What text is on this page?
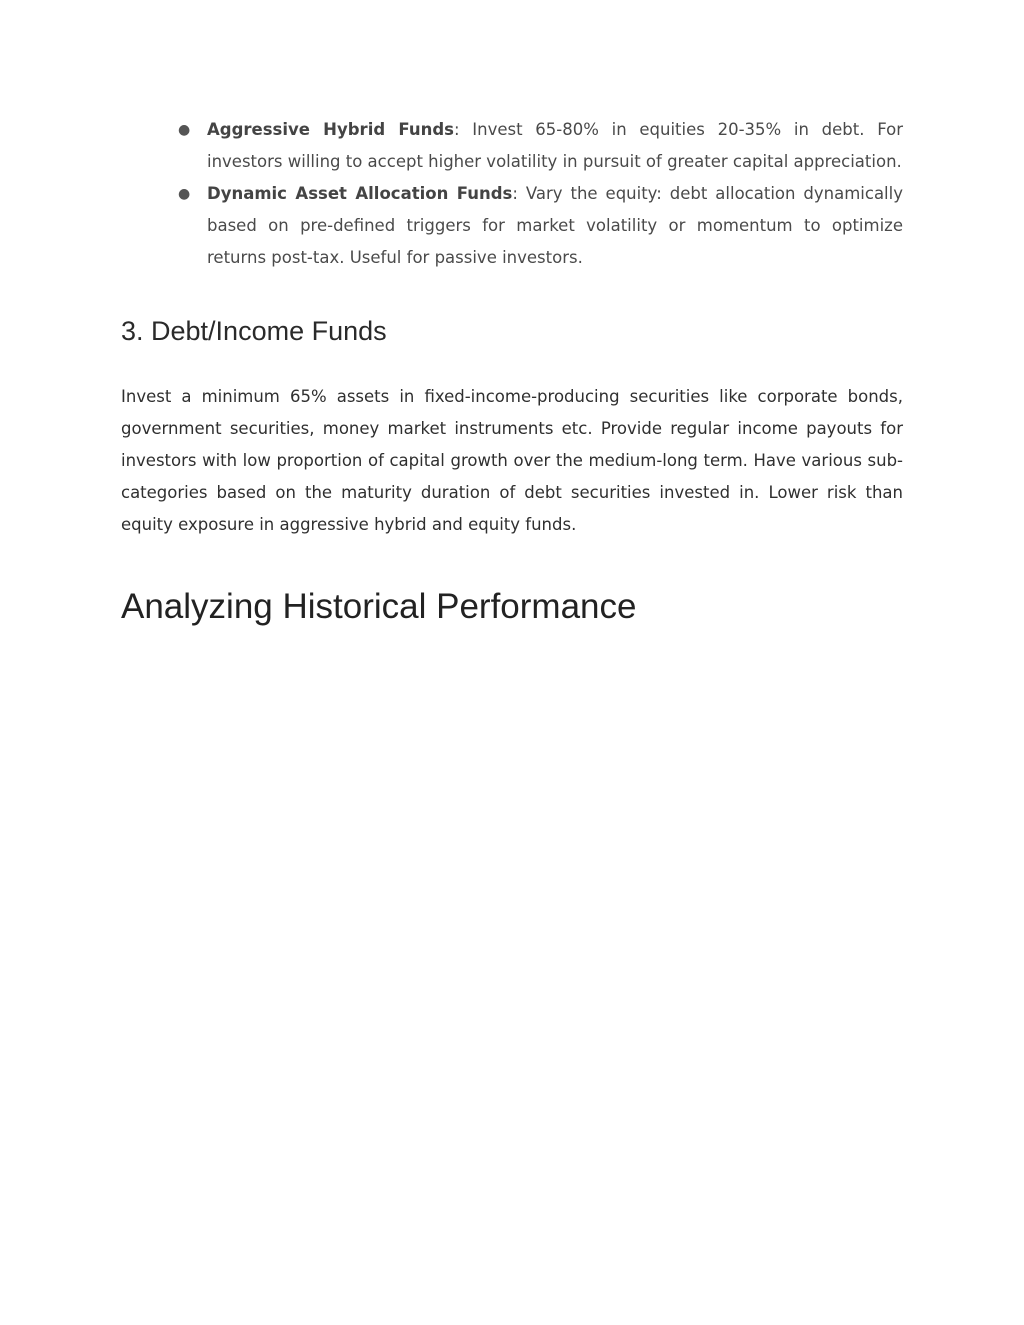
● Aggressive Hybrid Funds: Invest 65-80% in equities 20-35% in debt. For investors willing to accept higher volatility in pursuit of greater capital appreciation.
● Dynamic Asset Allocation Funds: Vary the equity: debt allocation dynamically based on pre-defined triggers for market volatility or momentum to optimize returns post-tax. Useful for passive investors.
3. Debt/Income Funds

Invest a minimum 65% assets in fixed-income-producing securities like corporate bonds, government securities, money market instruments etc. Provide regular income payouts for investors with low proportion of capital growth over the medium-long term. Have various sub-categories based on the maturity duration of debt securities invested in. Lower risk than equity exposure in aggressive hybrid and equity funds.

Analyzing Historical Performance
